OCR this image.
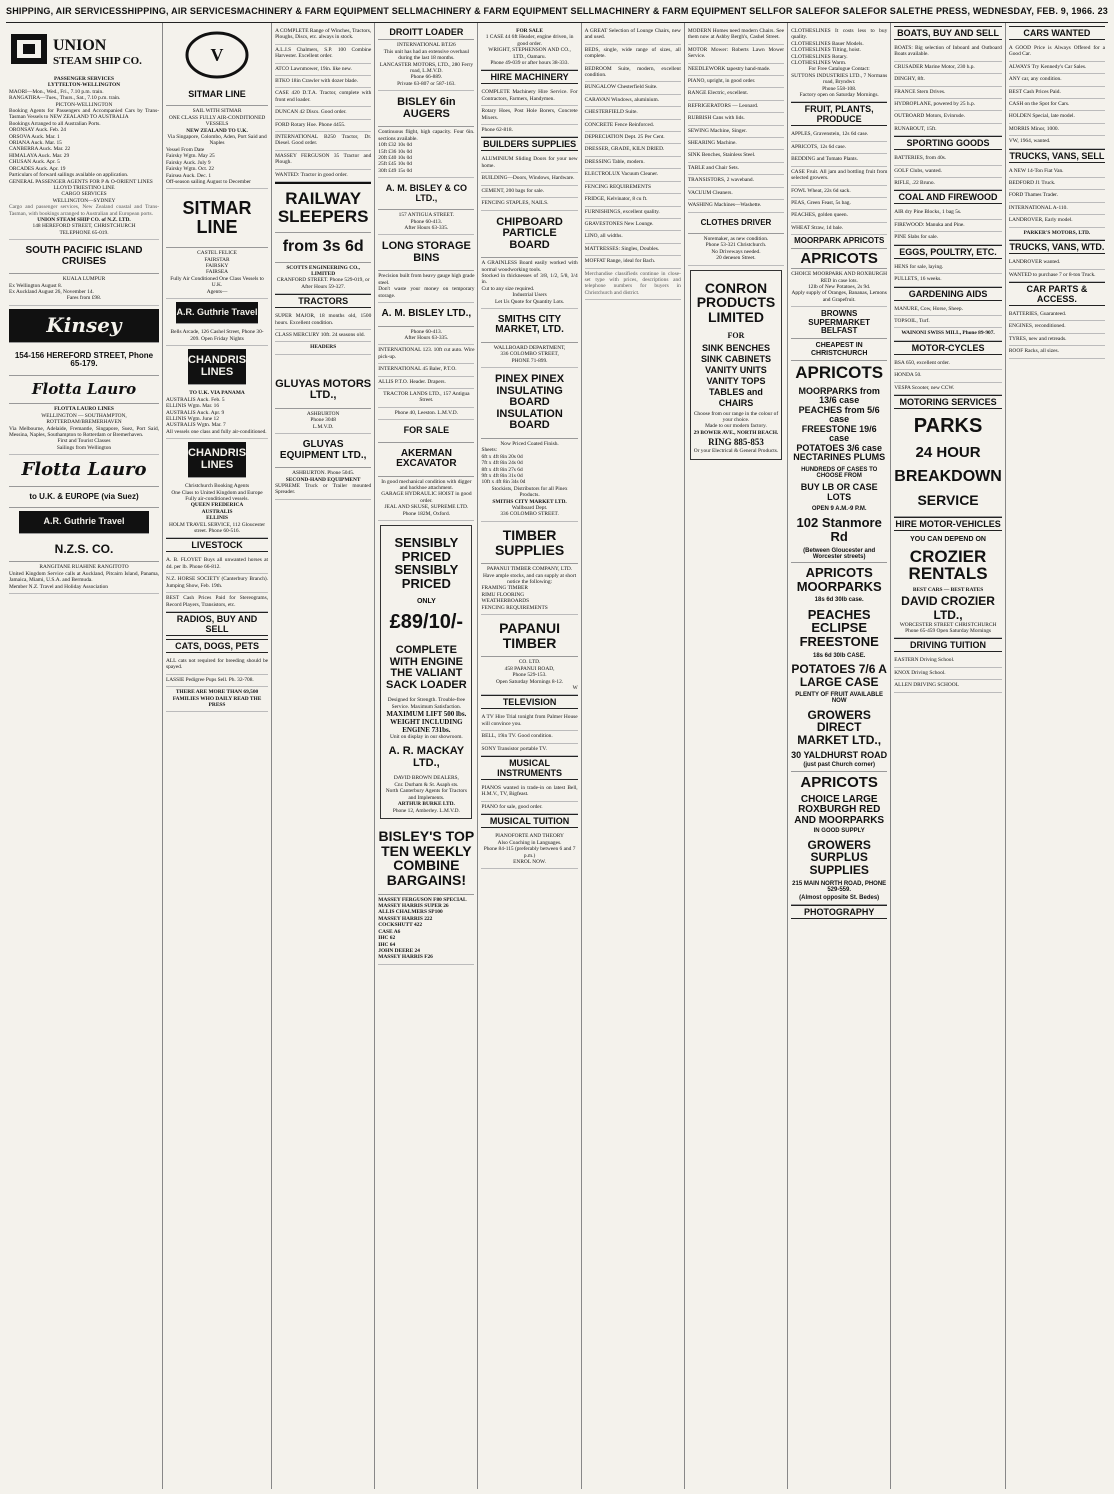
SHIPPING, AIR SERVICES SHIPPING, AIR SERVICES MACHINERY & FARM EQUIPMENT SELL MACHINERY & FARM EQUIPMENT SELL MACHINERY & FARM EQUIPMENT SELL FOR SALE FOR SALE FOR SALE THE PRESS, WEDNESDAY, FEB. 9, 1966. 23
UNION
STEAM SHIP CO.
PASSENGER SERVICES
LYTTELTON-WELLINGTON
MAORI—Mon., Wed., Fri., 7.10 p.m. train.
RANGATIRA—Tues., Thurs., Sat., 7.10 p.m. train.
PICTON-WELLINGTON
Booking Agents for Passengers and Accompanied Cars by Trans-Tasman Vessels to NEW ZEALAND TO AUSTRALIA
Bookings Arranged to all Australian Ports.
ORONSAY Auck. Feb. 24
ORSOVA Auck. Mar. 1
ORIANA Auck. Mar. 15
CANBERRA Auck. Mar. 22
HIMALAYA Auck. Mar. 29
CHUSAN Auck. Apr. 5
ORCADES Auck. Apr. 19
Particulars of forward sailings available on application.
GENERAL PASSENGER AGENTS FOR P & O-ORIENT LINES
LLOYD TRIESTINO LINE
CARGO SERVICES
WELLINGTON—SYDNEY
Cargo and passenger services, New Zealand coastal and Trans-Tasman, with bookings arranged to Australian and European ports.
UNION STEAM SHIP CO. of N.Z. LTD.
148 HEREFORD STREET, CHRISTCHURCH
TELEPHONE 65-019.
SOUTH PACIFIC ISLAND CRUISES
KUALA LUMPUR
Ex Wellington August 8.
Ex Auckland August 26, November 14.
Fares from £98.
Kinsey
154-156 HEREFORD STREET, Phone 65-179.
Flotta Lauro
FLOTTA LAURO LINES
WELLINGTON — SOUTHAMPTON, ROTTERDAM/BREMERHAVEN
Via Melbourne, Adelaide, Fremantle, Singapore, Suez, Port Said, Messina, Naples, Southampton to Rotterdam or Bremerhaven.
First and Tourist Classes
Sailings from Wellington
Flotta Lauro
to U.K. & EUROPE (via Suez)
A.R. Guthrie Travel
N.Z.S. CO.
RANGITANE RUAHINE RANGITOTO
United Kingdom Service calls at Auckland, Pitcairn Island, Panama, Jamaica, Miami, U.S.A. and Bermuda.
Member N.Z. Travel and Holiday Association
V
SITMAR LINE
SAIL WITH SITMAR
ONE CLASS FULLY AIR-CONDITIONED VESSELS
NEW ZEALAND TO U.K.
Via Singapore, Colombo, Aden, Port Said and Naples
Vessel From Date
Fairsky Wgtn. May 25
Fairsky Auck. July 9
Fairsky Wgtn. Oct. 22
Fairsea Auck. Dec. 1
Off-season sailing August to December
SITMAR LINE
CASTEL FELICE
FAIRSTAR
FAIRSKY
FAIRSEA
Fully Air Conditioned One Class Vessels to U.K.
Agents—
A.R. Guthrie Travel
Bells Arcade, 126 Cashel Street, Phone 30-209. Open Friday Nights
CHANDRIS LINES
TO U.K. VIA PANAMA
AUSTRALIS Auck. Feb. 5
ELLINIS Wgtn. Mar. 16
AUSTRALIS Auck. Apr. 9
ELLINIS Wgtn. June 12
AUSTRALIS Wgtn. Mar. 7
All vessels one class and fully air-conditioned.
CHANDRIS LINES
Christchurch Booking Agents
One Class to United Kingdom and Europe
Fully air-conditioned vessels.
QUEEN FREDERICA
AUSTRALIS
ELLINIS
HOLM TRAVEL SERVICE, 112 Gloucester street. Phone 60-516.
LIVESTOCK
A. B. FLOYET Buys all unwanted horses at 4d. per lb. Phone 66-812.
N.Z. HORSE SOCIETY (Canterbury Branch). Jumping Show, Feb. 19th.
BEST Cash Prices Paid for Stereograms, Record Players, Transistors, etc.
RADIOS, BUY AND SELL
CATS, DOGS, PETS
ALL cats not required for breeding should be spayed.
LASSIE Pedigree Pups Sell. Ph. 32-708.
THERE ARE MORE THAN 69,500 FAMILIES WHO DAILY READ THE PRESS
A COMPLETE Range of Winches, Tractors, Ploughs, Discs, etc. always in stock.
A.L.I.S Chalmers, S.P. 100 Combine Harvester. Excellent order.
ATCO Lawnmower, 19in. like new.
BTKO 18in Crawler with dozer blade.
CASE 420 D.T.A. Tractor, complete with front end loader.
DUNCAN 42 Discs. Good order.
FORD Rotary Hoe. Phone 4455.
INTERNATIONAL B250 Tractor, Dr. Diesel. Good order.
MASSEY FERGUSON 35 Tractor and Plough.
WANTED: Tractor in good order.
RAILWAY SLEEPERS
from 3s 6d
SCOTTS ENGINEERING CO., LIMITED
CRANFORD STREET. Phone 529-019, or After Hours 59-327.
TRACTORS
SUPER MAJOR, 18 months old, 1500 hours. Excellent condition.
CLASS MERCURY 10ft. 24 seasons old.
HEADERS
GLUYAS MOTORS LTD.,
ASHBURTON
Phone 3048
L.M.V.D.
GLUYAS EQUIPMENT LTD.,
ASHBURTON. Phone 5045.
SECOND-HAND EQUIPMENT
SUPREME Truck or Trailer mounted Spreader.
DROITT LOADER
INTERNATIONAL BTJ26
This unit has had an extensive overhaul during the last 18 months.
LANCASTER MOTORS, LTD., 280 Ferry road, L.M.V.D.
Phone 66-889.
Private 63-807 or 587-163.
BISLEY 6in AUGERS
Continuous flight, high capacity. Four 6in. sections available.
10ft £32 10s 0d
15ft £36 10s 0d
20ft £40 10s 0d
25ft £45 10s 0d
30ft £49 15s 0d
A. M. BISLEY & CO LTD.,
157 ANTIGUA STREET.
Phone 60-413.
After Hours 63-335.
LONG STORAGE BINS
Precision built from heavy gauge high grade steel.
Don't waste your money on temporary storage.
A. M. BISLEY LTD.,
Phone 60-413.
After Hours 63-335.
INTERNATIONAL 123. 10ft cut auto. Wire pick-up.
INTERNATIONAL 45 Baler, P.T.O.
ALLIS P.T.O. Header. Drapers.
TRACTOR LANDS LTD., 157 Antigua Street.
Phone 40, Leeston. L.M.V.D.
FOR SALE
AKERMAN EXCAVATOR
In good mechanical condition with digger and backhoe attachment.
GARAGE HYDRAULIC HOIST in good order.
JEAL AND SKUSE, SUPREME LTD.
Phone 182M, Oxford.
SENSIBLY PRICED SENSIBLY PRICED
ONLY
£89/10/-
COMPLETE WITH ENGINE THE VALIANT SACK LOADER
Designed for Strength. Trouble-free Service. Maximum Satisfaction.
MAXIMUM LIFT 500 lbs. WEIGHT INCLUDING ENGINE 731bs.
Unit on display in our showroom.
A. R. MACKAY LTD.,
DAVID BROWN DEALERS,
Cnr. Durham & St. Asaph sts.
North Canterbury Agents for Tractors and Implements.
ARTHUR BURKE LTD.
Phone 12, Amberley. L.M.V.D.
BISLEY'S TOP TEN WEEKLY COMBINE BARGAINS!
MASSEY FERGUSON F80 SPECIAL
MASSEY HARRIS SUPER 26
ALLIS CHALMERS SP100
MASSEY HARRIS 222
COCKSHUTT 422
CASE A6
IHC 62
IHC 64
JOHN DEERE 24
MASSEY HARRIS F26
FOR SALE
1 CASE 44 6ft Header, engine driven, in good order.
WRIGHT, STEPHENSON AND CO., LTD., Oamaru.
Phone 49-039 or after hours 38-333.
HIRE MACHINERY
COMPLETE Machinery Hire Service. For Contractors, Farmers, Handymen.
Rotary Hoes, Post Hole Borers, Concrete Mixers.
Phone 62-818.
BUILDERS SUPPLIES
ALUMINIUM Sliding Doors for your new home.
BUILDING—Doors, Windows, Hardware.
CEMENT, 200 bags for sale.
FENCING STAPLES, NAILS.
CHIPBOARD PARTICLE BOARD
A GRAINLESS Board easily worked with normal woodworking tools.
Stocked in thicknesses of 3/8, 1/2, 5/8, 3/4 in.
Cut to any size required.
Industrial Users
Let Us Quote for Quantity Lots.
SMITHS CITY MARKET, LTD.
WALLBOARD DEPARTMENT,
336 COLOMBO STREET,
PHONE 71-899.
PINEX PINEX INSULATING BOARD INSULATION BOARD
Now Priced Coated Finish.
Sheets:
6ft x 4ft 8in 20s 0d
7ft x 4ft 8in 24s 0d
8ft x 4ft 8in 27s 6d
9ft x 4ft 8in 31s 0d
10ft x 4ft 8in 34s 0d
Stockists, Distributors for all Pinex Products.
SMITHS CITY MARKET LTD.
Wallboard Dept.
336 COLOMBO STREET.
TIMBER SUPPLIES
PAPANUI TIMBER COMPANY, LTD.
Have ample stocks, and can supply at short notice the following:
FRAMING TIMBER
RIMU FLOORING
WEATHERBOARDS
FENCING REQUIREMENTS
PAPANUI TIMBER
CO. LTD.
458 PAPANUI ROAD,
Phone 529-153.
Open Saturday Mornings 8-12.
W
TELEVISION
A TV Hire Trial tonight from Palmer House will convince you.
BELL, 19in TV. Good condition.
SONY Transistor portable TV.
MUSICAL INSTRUMENTS
PIANOS wanted in trade-in on latest Bell, H.M.V., TV, Bigfeast.
PIANO for sale, good order.
MUSICAL TUITION
PIANOFORTE AND THEORY
Also Coaching in Languages.
Phone 84-115 (preferably between 6 and 7 p.m.)
ENROL NOW.
A GREAT Selection of Lounge Chairs, new and used.
BEDS, single, wide range of sizes, all complete.
BEDROOM Suite, modern, excellent condition.
BUNGALOW Chesterfield Suite.
CARAVAN Windows, aluminium.
CHESTERFIELD Suite.
CONCRETE Fence Reinforced.
DEPRECIATION Dept. 25 Per Cent.
DRESSER, GRADE, KILN DRIED.
DRESSING Table, modern.
ELECTROLUX Vacuum Cleaner.
FENCING REQUIREMENTS
FRIDGE, Kelvinator, 8 cu ft.
FURNISHINGS, excellent quality.
GRAVESTONES New Lounge.
LINO, all widths.
MATTRESSES: Singles, Doubles.
MOFFAT Range, ideal for Bach.
Merchandise classifieds continue in close-set type with prices, descriptions and telephone numbers for buyers in Christchurch and district.
MODERN Homes need modern Chairs. See them now at Ashby Bergh's, Cashel Street.
MOTOR Mower: Roberts Lawn Mower Service.
NEEDLEWORK tapestry hand-made.
PIANO, upright, in good order.
RANGE Electric, excellent.
REFRIGERATORS — Leonard.
RUBBISH Cans with lids.
SEWING Machine, Singer.
SHEARING Machine.
SINK Benches, Stainless Steel.
TABLE and Chair Sets.
TRANSISTORS, 2 waveband.
VACUUM Cleaners.
WASHING Machines—Washette.
CLOTHES DRIVER
Noremaker, as new condition.
Phone 53-321 Christchurch.
No Driveways needed.
20 denesen Street.
CONRON PRODUCTS LIMITED
FOR
SINK BENCHES SINK CABINETS VANITY UNITS VANITY TOPS TABLES and CHAIRS
Choose from our range in the colour of your choice.
Made to our modern factory.
29 BOWER AVE., NORTH BEACH.
RING 885-853
Or your Electrical & General Products.
CLOTHESLINES It costs less to buy quality.
CLOTHESLINES Bauer Models.
CLOTHESLINES Tilting, hoist.
CLOTHESLINES Rotary.
CLOTHESLINES Warm.
For Free Catalogue Contact:
SUTTONS INDUSTRIES LTD., 7 Normans road, Bryndwr.
Phone 558-108.
Factory open on Saturday Mornings.
FRUIT, PLANTS, PRODUCE
APPLES, Gravenstein, 12s 6d case.
APRICOTS, 12s 6d case.
BEDDING and Tomato Plants.
CASE Fruit. All jam and bottling fruit from selected growers.
FOWL Wheat, 22s 6d sack.
PEAS, Green Feast, 5s bag.
PEACHES, golden queen.
WHEAT Straw, 1d bale.
MOORPARK APRICOTS
APRICOTS
CHOICE MOORPARK AND ROXBURGH RED in case lots.
12lb of New Potatoes, 2s 9d.
Apply supply of Oranges, Bananas, Lemons and Grapefruit.
BROWNS SUPERMARKET
BELFAST
CHEAPEST IN CHRISTCHURCH
APRICOTS
MOORPARKS from 13/6 case
PEACHES from 5/6 case
FREESTONE 19/6 case
POTATOES 3/6 case
NECTARINES PLUMS
HUNDREDS OF CASES TO CHOOSE FROM
BUY LB OR CASE LOTS
OPEN 9 A.M.-9 P.M.
102 Stanmore Rd
(Between Gloucester and Worcester streets)
APRICOTS MOORPARKS
18s 6d 30lb case.
PEACHES ECLIPSE FREESTONE
18s 6d 30lb CASE.
POTATOES 7/6 A LARGE CASE
PLENTY OF FRUIT AVAILABLE NOW
GROWERS DIRECT MARKET LTD.,
30 YALDHURST ROAD
(just past Church corner)
APRICOTS
CHOICE LARGE ROXBURGH RED AND MOORPARKS
IN GOOD SUPPLY
GROWERS SURPLUS SUPPLIES
215 MAIN NORTH ROAD, PHONE 529-559.
(Almost opposite St. Bedes)
PHOTOGRAPHY
BOATS, BUY AND SELL
BOATS: Big selection of Inboard and Outboard Boats available.
CRUSADER Marine Motor, 230 h.p.
DINGHY, 8ft.
FRANCE Stern Drives.
HYDROPLANE, powered by 25 h.p.
OUTBOARD Motors, Evinrude.
RUNABOUT, 15ft.
SPORTING GOODS
BATTERIES, from 40s.
GOLF Clubs, wanted.
RIFLE, .22 Bruno.
COAL AND FIREWOOD
AIR dry Pine Blocks, 1 bag 5s.
FIREWOOD: Manuka and Pine.
PINE Slabs for sale.
EGGS, POULTRY, ETC.
HENS for sale, laying.
PULLETS, 16 weeks.
GARDENING AIDS
MANURE, Cow, Horse, Sheep.
TOPSOIL, Turf.
WAINONI SWISS MILL, Phone 89-907.
MOTOR-CYCLES
BSA 650, excellent order.
HONDA 50.
VESPA Scooter, new CCW.
MOTORING SERVICES
PARKS
24 HOUR
BREAKDOWN
SERVICE
HIRE MOTOR-VEHICLES
YOU CAN DEPEND ON
CROZIER RENTALS
BEST CARS — BEST RATES
DAVID CROZIER LTD.,
WORCESTER STREET CHRISTCHURCH
Phone 65-459 Open Saturday Mornings
DRIVING TUITION
EASTERN Driving School.
KNOX Driving School.
ALLEN DRIVING SCHOOL
CARS WANTED
A GOOD Price is Always Offered for a Good Car.
ALWAYS Try Kennedy's Car Sales.
ANY car, any condition.
BEST Cash Prices Paid.
CASH on the Spot for Cars.
HOLDEN Special, late model.
MORRIS Minor, 1000.
VW, 1964, wanted.
TRUCKS, VANS, SELL
A NEW 14-Ton Fiat Van.
BEDFORD J1 Truck.
FORD Thames Trader.
INTERNATIONAL A-110.
LANDROVER, Early model.
PARKER'S MOTORS, LTD.
TRUCKS, VANS, WTD.
LANDROVER wanted.
WANTED to purchase 7 or 8-ton Truck.
CAR PARTS & ACCESS.
BATTERIES, Guaranteed.
ENGINES, reconditioned.
TYRES, new and retreads.
ROOF Racks, all sizes.
